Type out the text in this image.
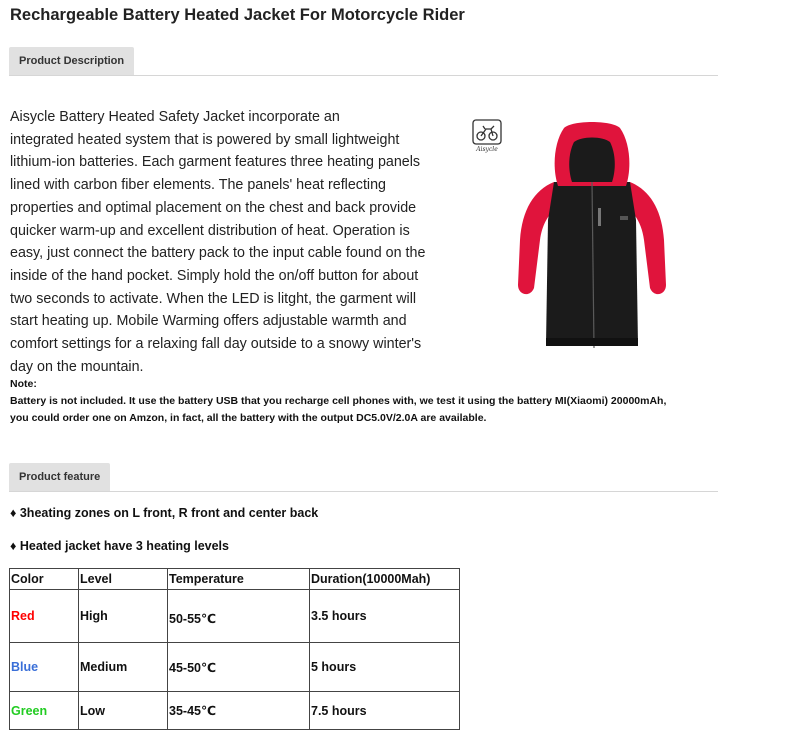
Rechargeable Battery Heated Jacket For Motorcycle Rider
Product Description
Aisycle Battery Heated Safety Jacket incorporate an
integrated heated system that is powered by small lightweight
lithium-ion batteries. Each garment features three heating panels
lined with carbon fiber elements. The panels' heat reflecting
properties and optimal placement on the chest and back provide
quicker warm-up and excellent distribution of heat. Operation is
easy, just connect the battery pack to the input cable found on the
inside of the hand pocket. Simply hold the on/off button for about
two seconds to activate. When the LED is litght, the garment will
start heating up. Mobile Warming offers adjustable warmth and
comfort settings for a relaxing fall day outside to a snowy winter's
day on the mountain.
Aisycle
Note:
Battery is not included. It use the battery USB that you recharge cell phones with, we test it using the battery MI(Xiaomi) 20000mAh,
you could order one on Amzon, in fact, all the battery with the output DC5.0V/2.0A are available.
Product feature
♦ 3heating zones on L front, R front and center back
♦ Heated jacket have 3 heating levels
Color	Level	Temperature	Duration(10000Mah)
Red	High	50-55℃	3.5 hours
Blue	Medium	45-50℃	5 hours
Green	Low	35-45℃	7.5 hours
